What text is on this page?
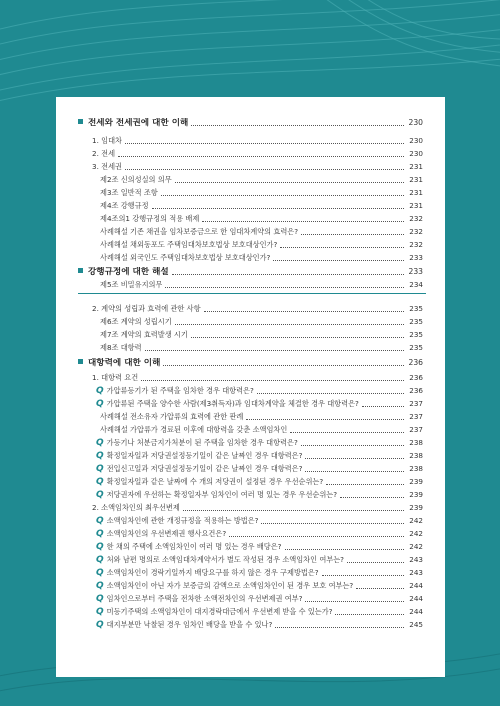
전세와 전세권에 대한 이해	230
1. 임대차	230
2. 전세	230
3. 전세권	231
제2조 신의성실의 의무	231
제3조 일반적 조항	231
제4조 강행규정	231
제4조의1 강행규정의 적용 배제	232
사례해설 기존 채권을 임차보증금으로 한 임대차계약의 효력은?	232
사례해설 채외동포도 주택임대차보호법상 보호대상인가?	232
사례해설 외국인도 주택임대차보호법상 보호대상인가?	233
강행규정에 대한 해설	233
제5조 비밀유지의무	234
2. 계약의 성립과 효력에 관한 사항	235
제6조 계약의 성립시기	235
제7조 계약의 효력발생 시기	235
제8조 대항력	235
대항력에 대한 이해	236
1. 대항력 요건	236
Q 가압류등기가 된 주택을 임차한 경우 대항력은?	236
Q 가압류된 주택을 양수한 사람(제3취득자)과 임대차계약을 체결한 경우 대항력은?	237
사례해설 전소유자 가압류의 효력에 관한 판례	237
사례해설 가압류가 경료된 이후에 대항력을 갖춘 소액임차인	237
Q 가등기나 처분금지가처분이 된 주택을 임차한 경우 대항력은?	238
Q 확정일자일과 저당권설정등기일이 같은 날짜인 경우 대항력은?	238
Q 전입신고일과 저당권설정등기일이 같은 날짜인 경우 대항력은?	238
Q 확정일자일과 같은 날짜에 수 개의 저당권이 설정된 경우 우선순위는?	239
Q 저당권자에 우선하는 확정일자부 임차인이 여러 명 있는 경우 우선순위는?	239
2. 소액임차인의 최우선변제	239
Q 소액임차인에 관한 개정규정을 적용하는 방법은?	242
Q 소액임차인의 우선변제권 행사요건은?	242
Q 한 채의 주택에 소액임차인이 여러 명 있는 경우 배당은?	242
Q 처와 남편 명의로 소액임대차계약서가 별도 작성된 경우 소액임차인 여부는?	243
Q 소액임차인이 경락기일까지 배당요구를 하지 않은 경우 구제방법은?	243
Q 소액임차인이 아닌 자가 보증금의 감액으로 소액임차인이 된 경우 보호 여부는?	244
Q 임차인으로부터 주택을 전차한 소액전차인의 우선변제권 여부?	244
Q 미등기주택의 소액임차인이 대지경락대금에서 우선변제 받을 수 있는가?	244
Q 대지부분만 낙찰된 경우 임차인 배당을 받을 수 있나?	245
